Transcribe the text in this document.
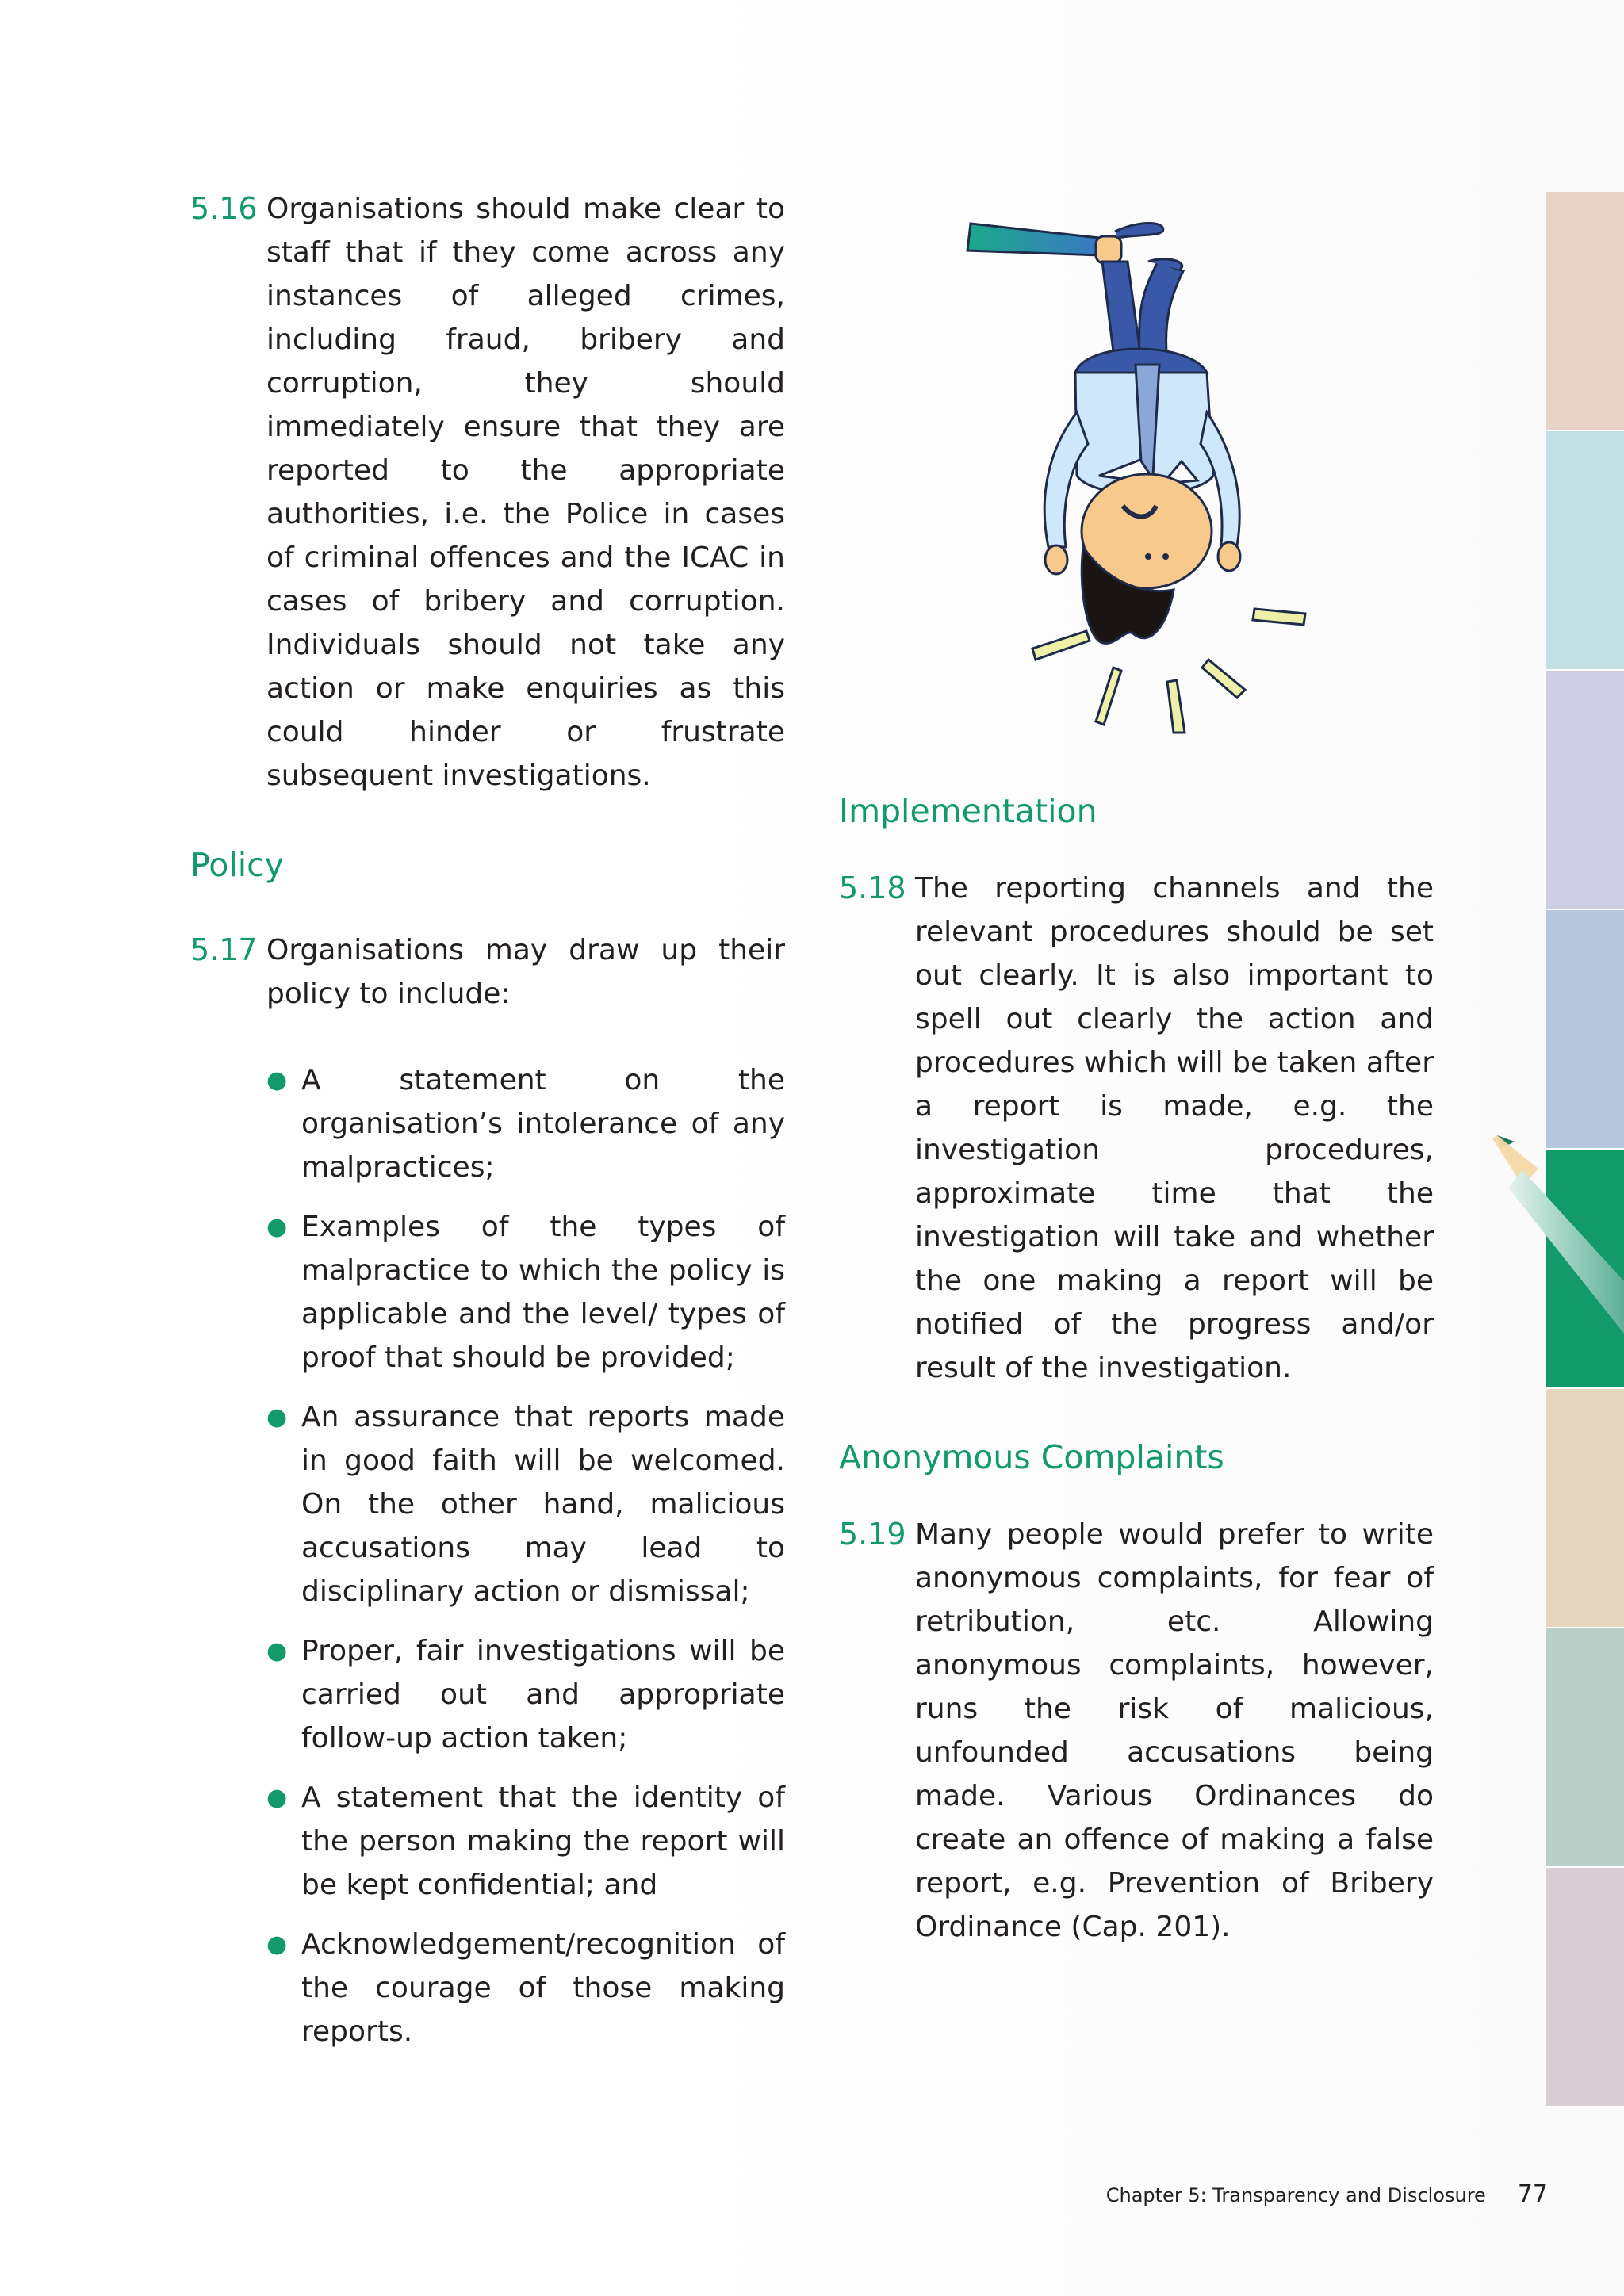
5.16 Organisations should make clear to staff that if they come across any instances of alleged crimes, including fraud, bribery and corruption, they should immediately ensure that they are reported to the appropriate authorities, i.e. the Police in cases of criminal offences and the ICAC in cases of bribery and corruption. Individuals should not take any action or make enquiries as this could hinder or frustrate subsequent investigations.
Policy
5.17 Organisations may draw up their policy to include:
● A statement on the organisation’s intolerance of any malpractices;
● Examples of the types of malpractice to which the policy is applicable and the level/ types of proof that should be provided;
● An assurance that reports made in good faith will be welcomed. On the other hand, malicious accusations may lead to disciplinary action or dismissal;
● Proper, fair investigations will be carried out and appropriate follow-up action taken;
● A statement that the identity of the person making the report will be kept confidential; and
● Acknowledgement/recognition of the courage of those making reports.
Implementation
5.18 The reporting channels and the relevant procedures should be set out clearly. It is also important to spell out clearly the action and procedures which will be taken after a report is made, e.g. the investigation procedures, approximate time that the investigation will take and whether the one making a report will be notified of the progress and/or result of the investigation.
Anonymous Complaints
5.19 Many people would prefer to write anonymous complaints, for fear of retribution, etc. Allowing anonymous complaints, however, runs the risk of malicious, unfounded accusations being made. Various Ordinances do create an offence of making a false report, e.g. Prevention of Bribery Ordinance (Cap. 201).
Chapter 5: Transparency and Disclosure 77
